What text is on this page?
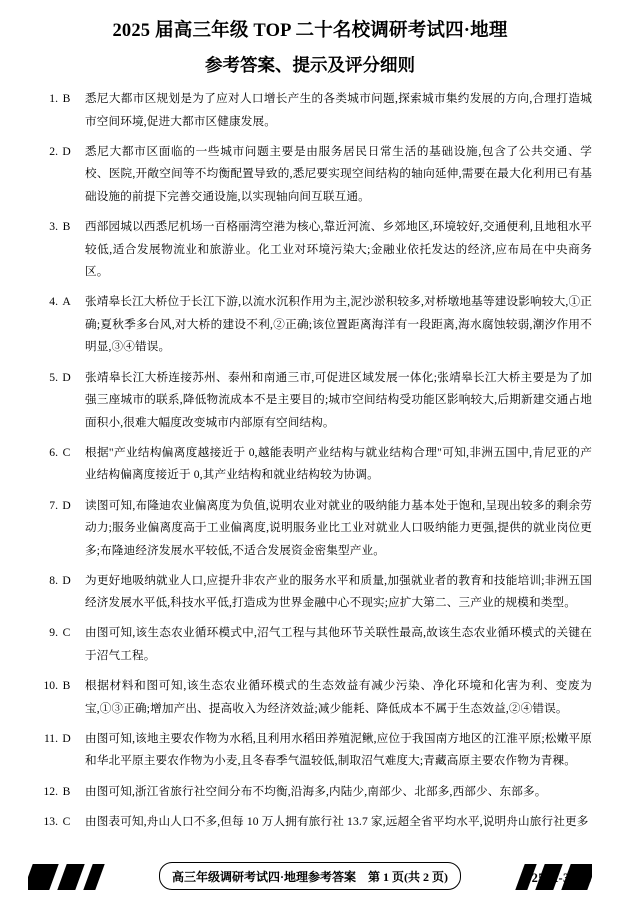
2025 届高三年级 TOP 二十名校调研考试四·地理
参考答案、提示及评分细则
1. B	悉尼大都市区规划是为了应对人口增长产生的各类城市问题,探索城市集约发展的方向,合理打造城市空间环境,促进大都市区健康发展。
2. D	悉尼大都市区面临的一些城市问题主要是由服务居民日常生活的基础设施,包含了公共交通、学校、医院,开敞空间等不均衡配置导致的,悉尼要实现空间结构的轴向延伸,需要在最大化利用已有基础设施的前提下完善交通设施,以实现轴向间互联互通。
3. B	西部园城以西悉尼机场一百格丽湾空港为核心,靠近河流、乡郊地区,环境较好,交通便利,且地租水平较低,适合发展物流业和旅游业。化工业对环境污染大;金融业依托发达的经济,应布局在中央商务区。
4. A	张靖皋长江大桥位于长江下游,以流水沉积作用为主,泥沙淤积较多,对桥墩地基等建设影响较大,①正确;夏秋季多台风,对大桥的建设不利,②正确;该位置距离海洋有一段距离,海水腐蚀较弱,潮汐作用不明显,③④错误。
5. D	张靖皋长江大桥连接苏州、泰州和南通三市,可促进区域发展一体化;张靖皋长江大桥主要是为了加强三座城市的联系,降低物流成本不是主要目的;城市空间结构受功能区影响较大,后期新建交通占地面积小,很难大幅度改变城市内部原有空间结构。
6. C	根据"产业结构偏离度越接近于 0,越能表明产业结构与就业结构合理"可知,非洲五国中,肯尼亚的产业结构偏离度接近于 0,其产业结构和就业结构较为协调。
7. D	读图可知,布隆迪农业偏离度为负值,说明农业对就业的吸纳能力基本处于饱和,呈现出较多的剩余劳动力;服务业偏离度高于工业偏离度,说明服务业比工业对就业人口吸纳能力更强,提供的就业岗位更多;布隆迪经济发展水平较低,不适合发展资金密集型产业。
8. D	为更好地吸纳就业人口,应提升非农产业的服务水平和质量,加强就业者的教育和技能培训;非洲五国经济发展水平低,科技水平低,打造成为世界金融中心不现实;应扩大第二、三产业的规模和类型。
9. C	由图可知,该生态农业循环模式中,沼气工程与其他环节关联性最高,故该生态农业循环模式的关键在于沼气工程。
10. B	根据材料和图可知,该生态农业循环模式的生态效益有减少污染、净化环境和化害为利、变废为宝,①③正确;增加产出、提高收入为经济效益;减少能耗、降低成本不属于生态效益,②④错误。
11. D	由图可知,该地主要农作物为水稻,且利用水稻田养殖泥鳅,应位于我国南方地区的江淮平原;松嫩平原和华北平原主要农作物为小麦,且冬春季气温较低,制取沼气难度大;青藏高原主要农作物为青稞。
12. B	由图可知,浙江省旅行社空间分布不均衡,沿海多,内陆少,南部少、北部多,西部少、东部多。
13. C	由图表可知,舟山人口不多,但每 10 万人拥有旅行社 13.7 家,远超全省平均水平,说明舟山旅行社更多
高三年级调研考试四·地理参考答案　第 1 页(共 2 页)	25-X-305C
